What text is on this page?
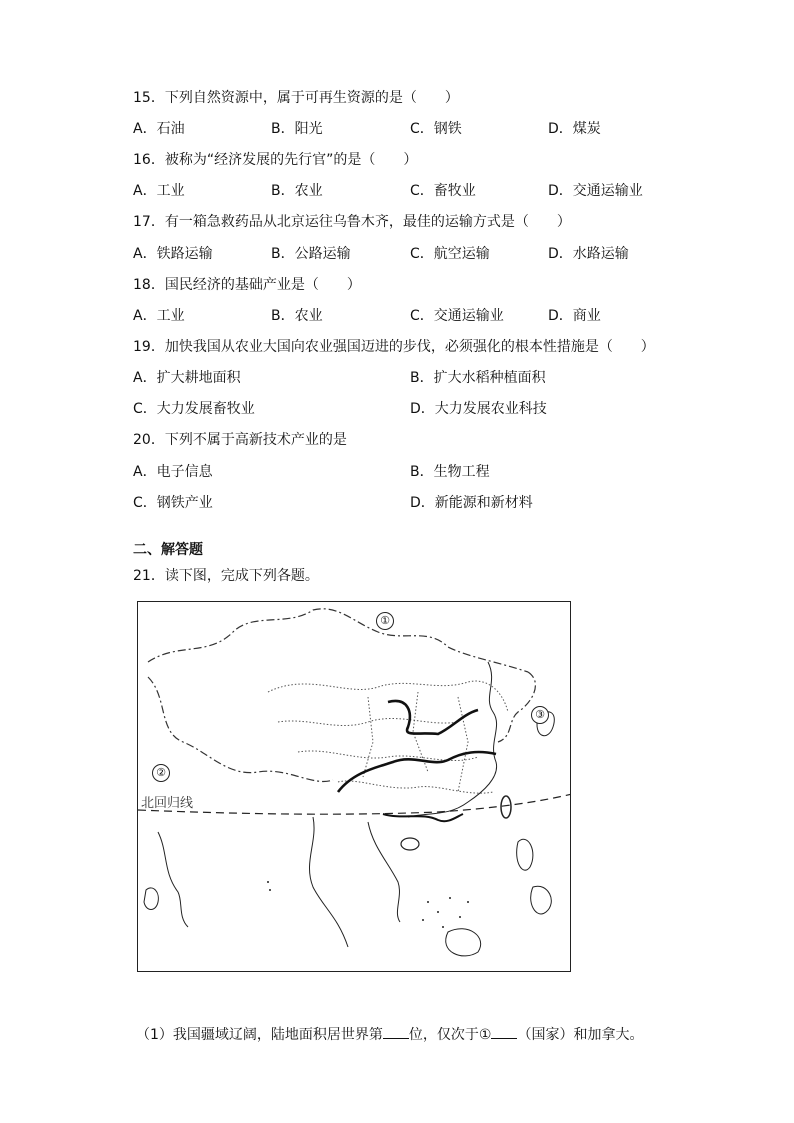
15．下列自然资源中，属于可再生资源的是（　　）
A．石油	B．阳光	C．钢铁	D．煤炭
16．被称为“经济发展的先行官”的是（　　）
A．工业	B．农业	C．畜牧业	D．交通运输业
17．有一箱急救药品从北京运往乌鲁木齐，最佳的运输方式是（　　）
A．铁路运输	B．公路运输	C．航空运输	D．水路运输
18．国民经济的基础产业是（　　）
A．工业	B．农业	C．交通运输业	D．商业
19．加快我国从农业大国向农业强国迈进的步伐，必须强化的根本性措施是（　　）
A．扩大耕地面积	B．扩大水稻种植面积
C．大力发展畜牧业	D．大力发展农业科技
20．下列不属于高新技术产业的是
A．电子信息	B．生物工程
C．钢铁产业	D．新能源和新材料
二、解答题
21．读下图，完成下列各题。
①
②
③
北回归线
（1）我国疆域辽阔，陆地面积居世界第 位，仅次于① （国家）和加拿大。
